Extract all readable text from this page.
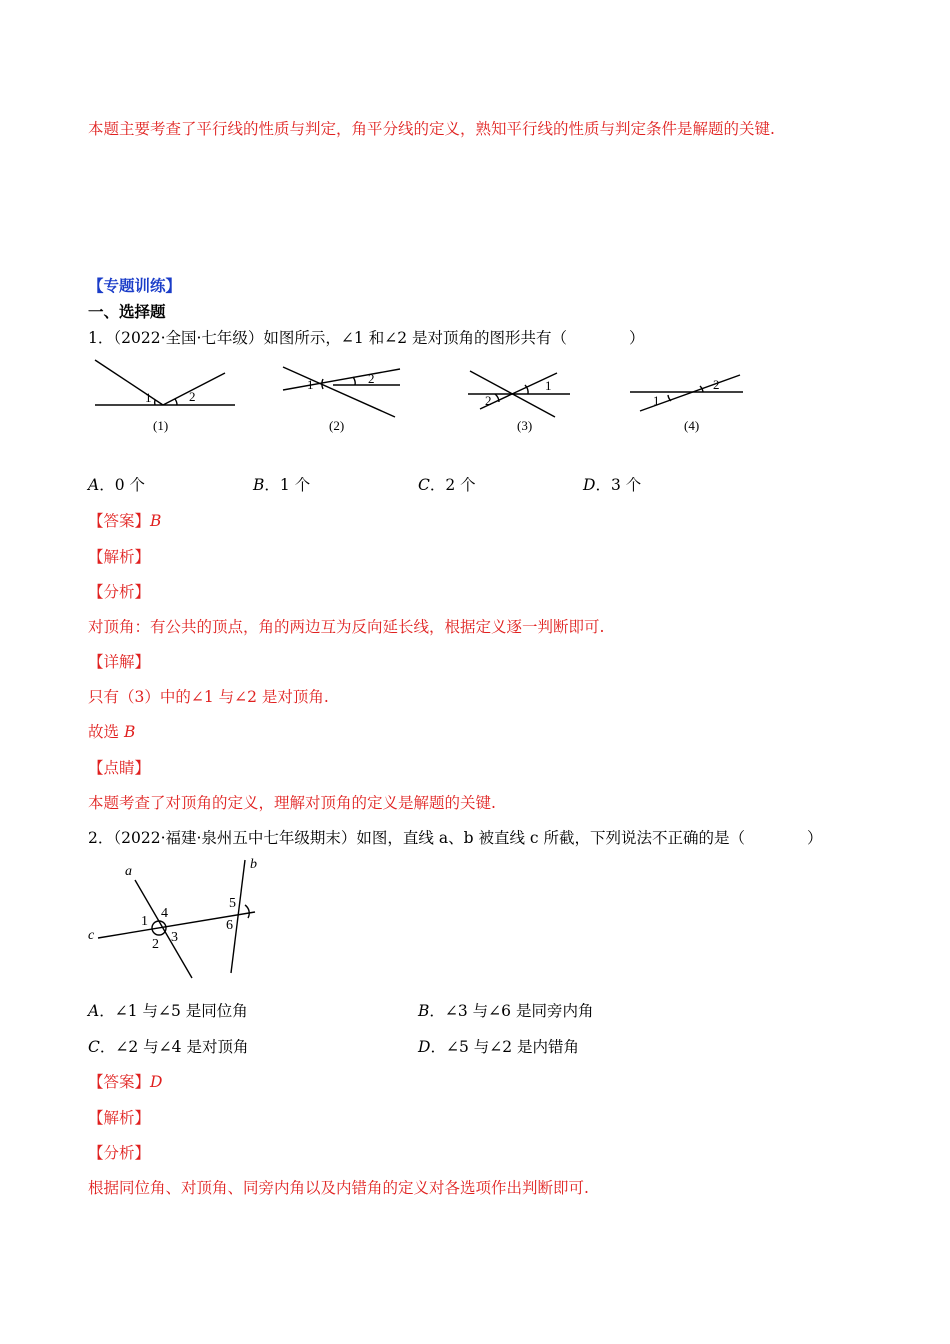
本题主要考查了平行线的性质与判定，角平分线的定义，熟知平行线的性质与判定条件是解题的关键.
【专题训练】
一、选择题
1．（2022·全国·七年级）如图所示，∠1 和∠2 是对顶角的图形共有（　　　　）
1	2
1	2	1
2
2
1
(1)	(2)	(3)	(4)
A．0 个	B．1 个	C．2 个	D．3 个
【答案】B
【解析】
【分析】
对顶角：有公共的顶点，角的两边互为反向延长线，根据定义逐一判断即可.
【详解】
只有（3）中的∠1 与∠2 是对顶角.
故选 B
【点睛】
本题考查了对顶角的定义，理解对顶角的定义是解题的关键.
2．（2022·福建·泉州五中七年级期末）如图，直线 a、b 被直线 c 所截，下列说法不正确的是（　　　　）
a	b
c
1
2 3
4
5
6
A．∠1 与∠5 是同位角	B．∠3 与∠6 是同旁内角
C．∠2 与∠4 是对顶角	D．∠5 与∠2 是内错角
【答案】D
【解析】
【分析】
根据同位角、对顶角、同旁内角以及内错角的定义对各选项作出判断即可.
